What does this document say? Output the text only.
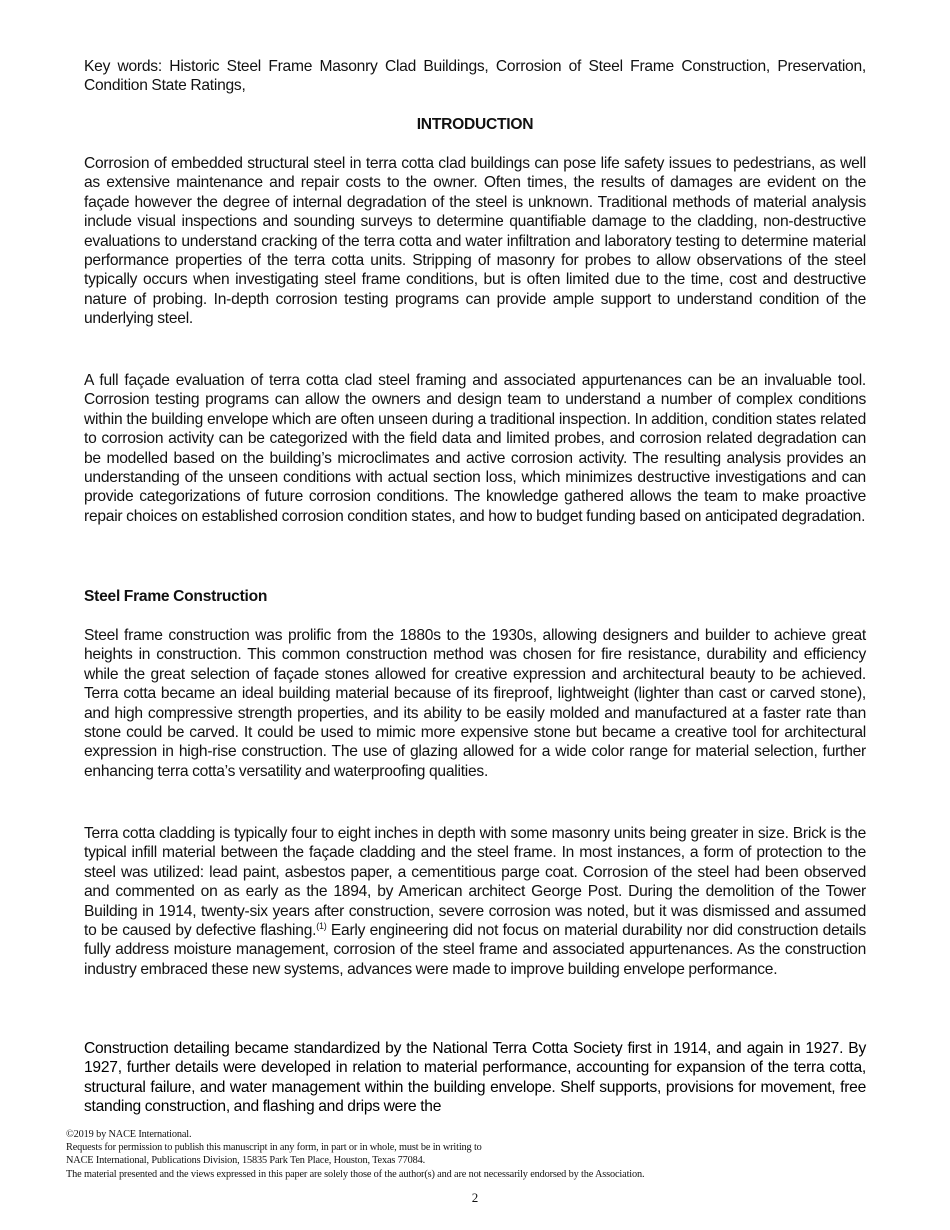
Key words: Historic Steel Frame Masonry Clad Buildings, Corrosion of Steel Frame Construction, Preservation, Condition State Ratings,

INTRODUCTION

Corrosion of embedded structural steel in terra cotta clad buildings can pose life safety issues to pedestrians, as well as extensive maintenance and repair costs to the owner. Often times, the results of damages are evident on the façade however the degree of internal degradation of the steel is unknown. Traditional methods of material analysis include visual inspections and sounding surveys to determine quantifiable damage to the cladding, non-destructive evaluations to understand cracking of the terra cotta and water infiltration and laboratory testing to determine material performance properties of the terra cotta units. Stripping of masonry for probes to allow observations of the steel typically occurs when investigating steel frame conditions, but is often limited due to the time, cost and destructive nature of probing. In-depth corrosion testing programs can provide ample support to understand condition of the underlying steel.

A full façade evaluation of terra cotta clad steel framing and associated appurtenances can be an invaluable tool. Corrosion testing programs can allow the owners and design team to understand a number of complex conditions within the building envelope which are often unseen during a traditional inspection. In addition, condition states related to corrosion activity can be categorized with the field data and limited probes, and corrosion related degradation can be modelled based on the building’s microclimates and active corrosion activity. The resulting analysis provides an understanding of the unseen conditions with actual section loss, which minimizes destructive investigations and can provide categorizations of future corrosion conditions. The knowledge gathered allows the team to make proactive repair choices on established corrosion condition states, and how to budget funding based on anticipated degradation.

Steel Frame Construction

Steel frame construction was prolific from the 1880s to the 1930s, allowing designers and builder to achieve great heights in construction. This common construction method was chosen for fire resistance, durability and efficiency while the great selection of façade stones allowed for creative expression and architectural beauty to be achieved. Terra cotta became an ideal building material because of its fireproof, lightweight (lighter than cast or carved stone), and high compressive strength properties, and its ability to be easily molded and manufactured at a faster rate than stone could be carved. It could be used to mimic more expensive stone but became a creative tool for architectural expression in high-rise construction. The use of glazing allowed for a wide color range for material selection, further enhancing terra cotta’s versatility and waterproofing qualities.

Terra cotta cladding is typically four to eight inches in depth with some masonry units being greater in size. Brick is the typical infill material between the façade cladding and the steel frame. In most instances, a form of protection to the steel was utilized: lead paint, asbestos paper, a cementitious parge coat. Corrosion of the steel had been observed and commented on as early as the 1894, by American architect George Post. During the demolition of the Tower Building in 1914, twenty-six years after construction, severe corrosion was noted, but it was dismissed and assumed to be caused by defective flashing.$^{(1)}$ Early engineering did not focus on material durability nor did construction details fully address moisture management, corrosion of the steel frame and associated appurtenances. As the construction industry embraced these new systems, advances were made to improve building envelope performance.

Construction detailing became standardized by the National Terra Cotta Society first in 1914, and again in 1927. By 1927, further details were developed in relation to material performance, accounting for expansion of the terra cotta, structural failure, and water management within the building envelope. Shelf supports, provisions for movement, free standing construction, and flashing and drips were the

©2019 by NACE International.
Requests for permission to publish this manuscript in any form, in part or in whole, must be in writing to
NACE International, Publications Division, 15835 Park Ten Place, Houston, Texas 77084.
The material presented and the views expressed in this paper are solely those of the author(s) and are not necessarily endorsed by the Association.
2
